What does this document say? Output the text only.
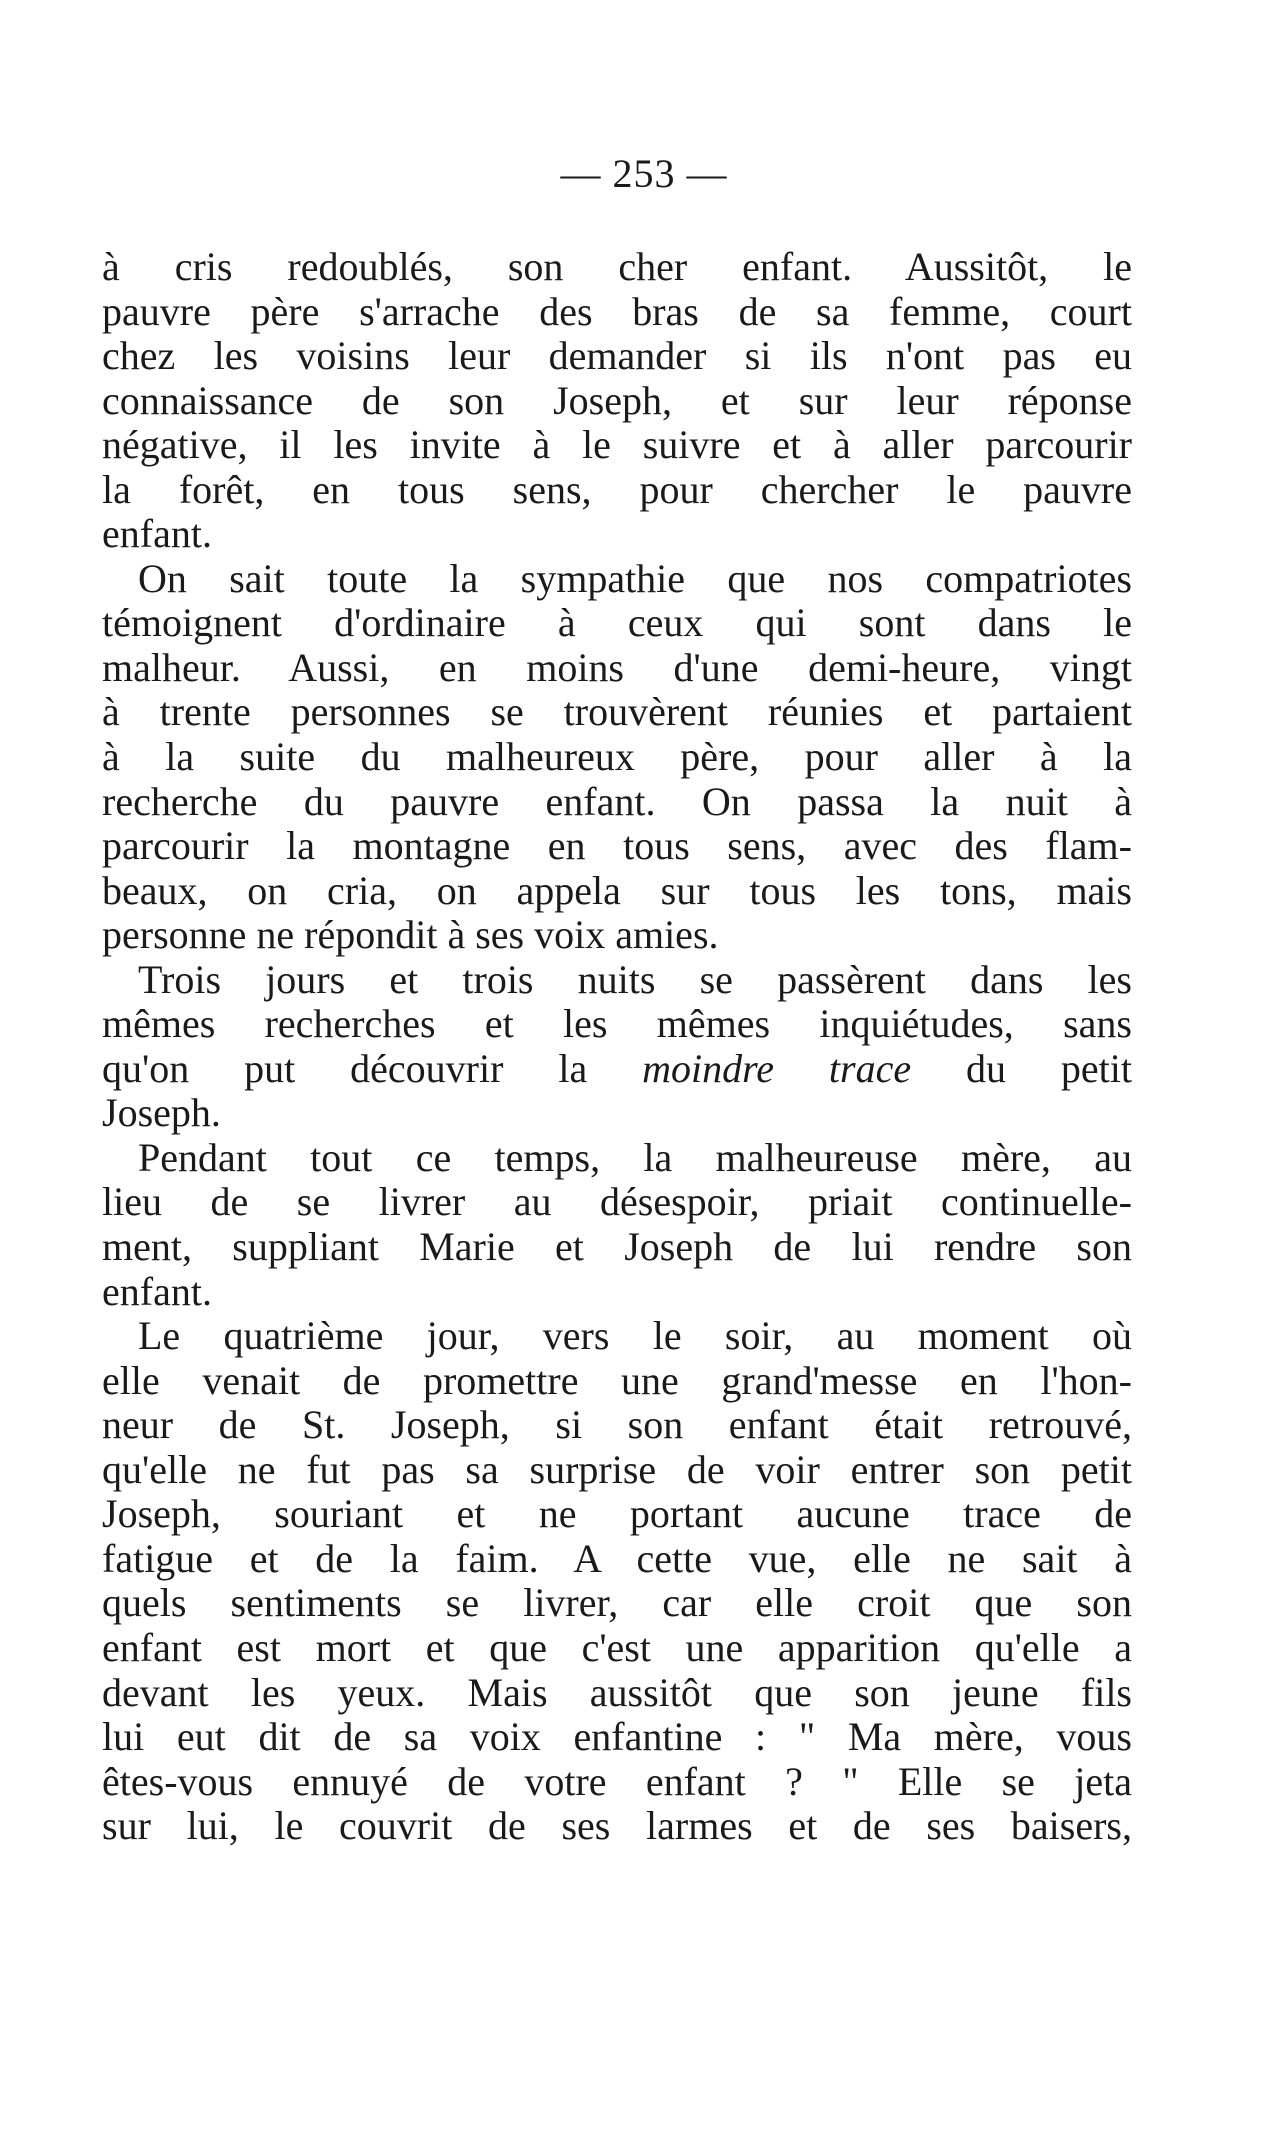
— 253 —
à cris redoublés, son cher enfant. Aussitôt, le
pauvre père s'arrache des bras de sa femme, court
chez les voisins leur demander si ils n'ont pas eu
connaissance de son Joseph, et sur leur réponse
négative, il les invite à le suivre et à aller parcourir
la forêt, en tous sens, pour chercher le pauvre
enfant.
On sait toute la sympathie que nos compatriotes
témoignent d'ordinaire à ceux qui sont dans le
malheur. Aussi, en moins d'une demi-heure, vingt
à trente personnes se trouvèrent réunies et partaient
à la suite du malheureux père, pour aller à la
recherche du pauvre enfant. On passa la nuit à
parcourir la montagne en tous sens, avec des flam-
beaux, on cria, on appela sur tous les tons, mais
personne ne répondit à ses voix amies.
Trois jours et trois nuits se passèrent dans les
mêmes recherches et les mêmes inquiétudes, sans
qu'on put découvrir la moindre trace du petit
Joseph.
Pendant tout ce temps, la malheureuse mère, au
lieu de se livrer au désespoir, priait continuelle-
ment, suppliant Marie et Joseph de lui rendre son
enfant.
Le quatrième jour, vers le soir, au moment où
elle venait de promettre une grand'messe en l'hon-
neur de St. Joseph, si son enfant était retrouvé,
qu'elle ne fut pas sa surprise de voir entrer son petit
Joseph, souriant et ne portant aucune trace de
fatigue et de la faim. A cette vue, elle ne sait à
quels sentiments se livrer, car elle croit que son
enfant est mort et que c'est une apparition qu'elle a
devant les yeux. Mais aussitôt que son jeune fils
lui eut dit de sa voix enfantine : " Ma mère, vous
êtes-vous ennuyé de votre enfant ? " Elle se jeta
sur lui, le couvrit de ses larmes et de ses baisers,
